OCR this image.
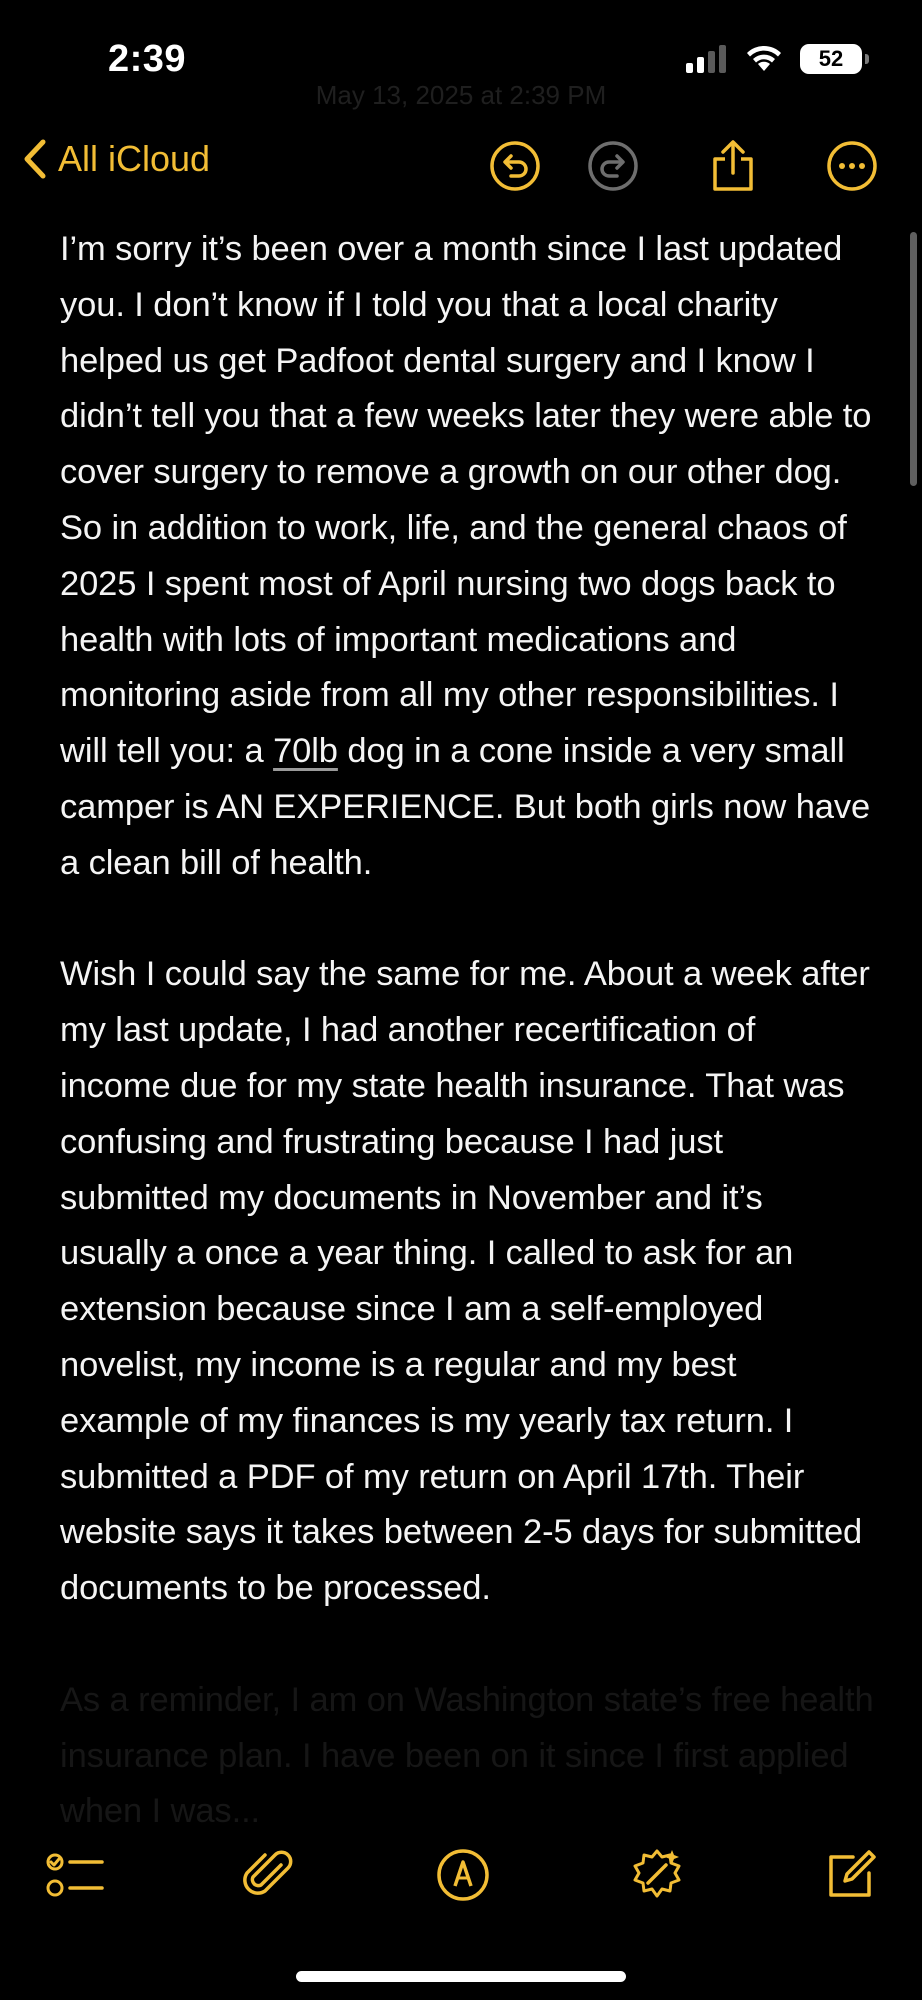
2:39
May 13, 2025 at 2:39 PM
52
All iCloud

I’m sorry it’s been over a month since I last updated you. I don’t know if I told you that a local charity helped us get Padfoot dental surgery and I know I didn’t tell you that a few weeks later they were able to cover surgery to remove a growth on our other dog. So in addition to work, life, and the general chaos of 2025 I spent most of April nursing two dogs back to health with lots of important medications and monitoring aside from all my other responsibilities. I will tell you: a 70lb dog in a cone inside a very small camper is AN EXPERIENCE. But both girls now have a clean bill of health.

Wish I could say the same for me. About a week after my last update, I had another recertification of income due for my state health insurance. That was confusing and frustrating because I had just submitted my documents in November and it’s usually a once a year thing. I called to ask for an extension because since I am a self-employed novelist, my income is a regular and my best example of my finances is my yearly tax return. I submitted a PDF of my return on April 17th. Their website says it takes between 2-5 days for submitted documents to be processed.

As a reminder, I am on Washington state’s free health insurance plan. I have been on it since I first applied when I was...
